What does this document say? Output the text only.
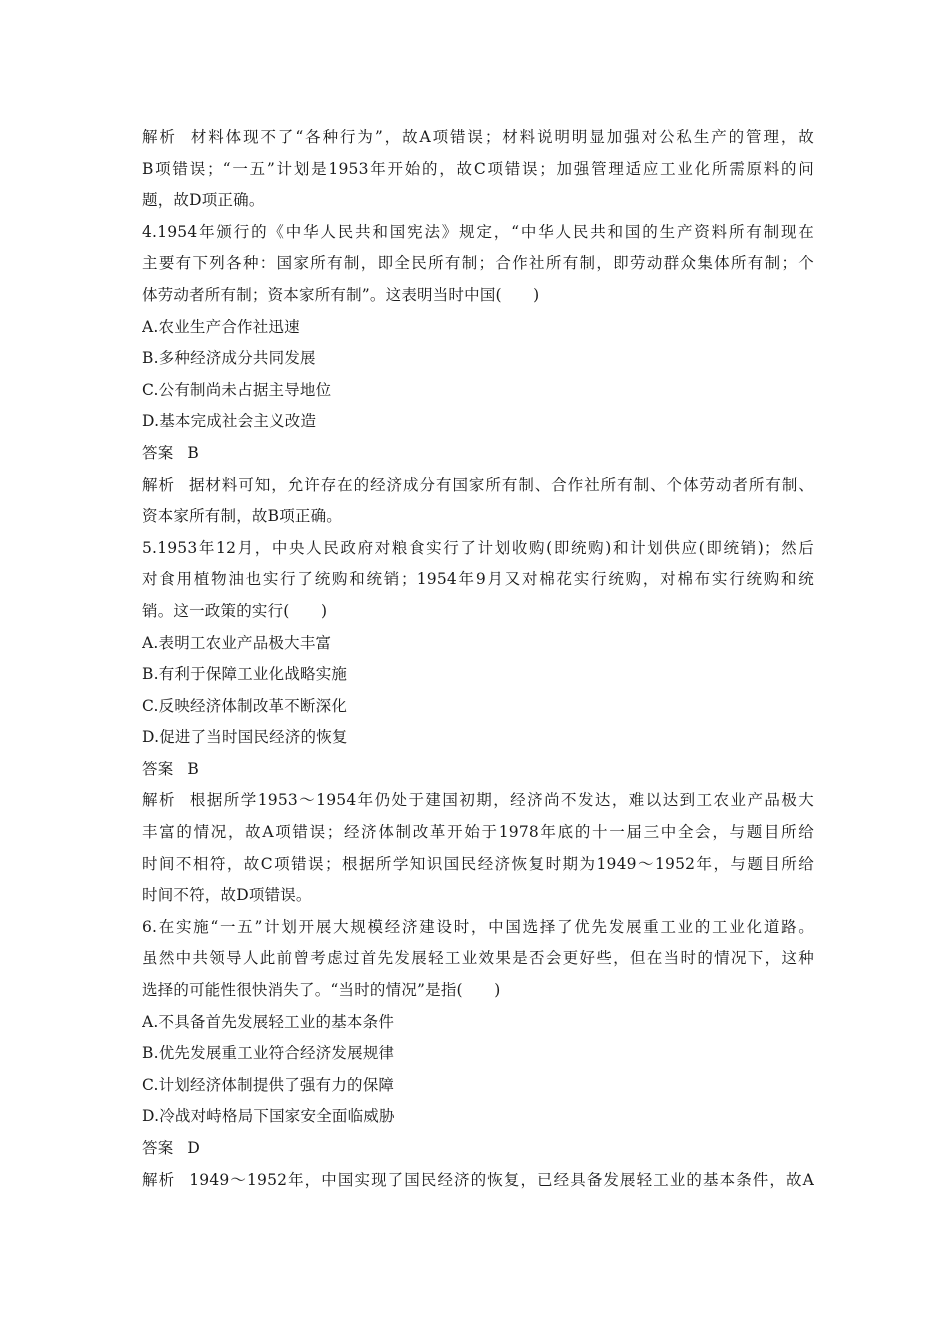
解析 材料体现不了“各种行为”，故A项错误；材料说明明显加强对公私生产的管理，故
B项错误；“一五”计划是1953年开始的，故C项错误；加强管理适应工业化所需原料的问
题，故D项正确。
4.1954年颁行的《中华人民共和国宪法》规定，“中华人民共和国的生产资料所有制现在
主要有下列各种：国家所有制，即全民所有制；合作社所有制，即劳动群众集体所有制；个
体劳动者所有制；资本家所有制”。这表明当时中国(　　)
A.农业生产合作社迅速
B.多种经济成分共同发展
C.公有制尚未占据主导地位
D.基本完成社会主义改造
答案 B
解析 据材料可知，允许存在的经济成分有国家所有制、合作社所有制、个体劳动者所有制、
资本家所有制，故B项正确。
5.1953年12月，中央人民政府对粮食实行了计划收购(即统购)和计划供应(即统销)；然后
对食用植物油也实行了统购和统销；1954年9月又对棉花实行统购，对棉布实行统购和统
销。这一政策的实行(　　)
A.表明工农业产品极大丰富
B.有利于保障工业化战略实施
C.反映经济体制改革不断深化
D.促进了当时国民经济的恢复
答案 B
解析 根据所学1953～1954年仍处于建国初期，经济尚不发达，难以达到工农业产品极大
丰富的情况，故A项错误；经济体制改革开始于1978年底的十一届三中全会，与题目所给
时间不相符，故C项错误；根据所学知识国民经济恢复时期为1949～1952年，与题目所给
时间不符，故D项错误。
6.在实施“一五”计划开展大规模经济建设时，中国选择了优先发展重工业的工业化道路。
虽然中共领导人此前曾考虑过首先发展轻工业效果是否会更好些，但在当时的情况下，这种
选择的可能性很快消失了。“当时的情况”是指(　　)
A.不具备首先发展轻工业的基本条件
B.优先发展重工业符合经济发展规律
C.计划经济体制提供了强有力的保障
D.冷战对峙格局下国家安全面临威胁
答案 D
解析 1949～1952年，中国实现了国民经济的恢复，已经具备发展轻工业的基本条件，故A
